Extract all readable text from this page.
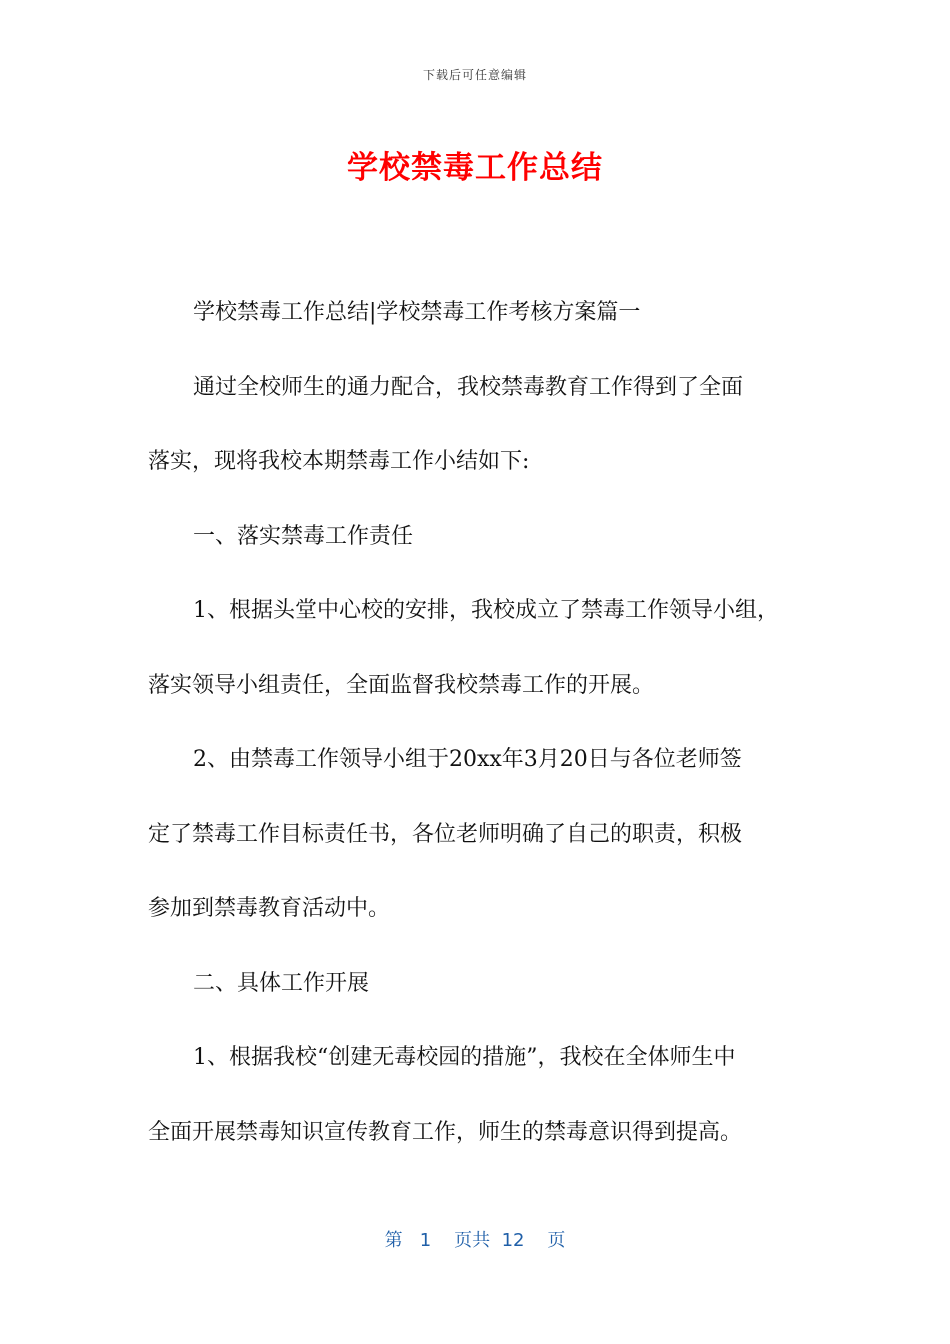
下载后可任意编辑
学校禁毒工作总结
学校禁毒工作总结|学校禁毒工作考核方案篇一
通过全校师生的通力配合，我校禁毒教育工作得到了全面
落实，现将我校本期禁毒工作小结如下:
一、落实禁毒工作责任
1、根据头堂中心校的安排，我校成立了禁毒工作领导小组，
落实领导小组责任，全面监督我校禁毒工作的开展。
2、由禁毒工作领导小组于20xx年3月20日与各位老师签
定了禁毒工作目标责任书，各位老师明确了自己的职责，积极
参加到禁毒教育活动中。
二、具体工作开展
1、根据我校“创建无毒校园的措施”，我校在全体师生中
全面开展禁毒知识宣传教育工作，师生的禁毒意识得到提高。
第 1 页共 12 页
